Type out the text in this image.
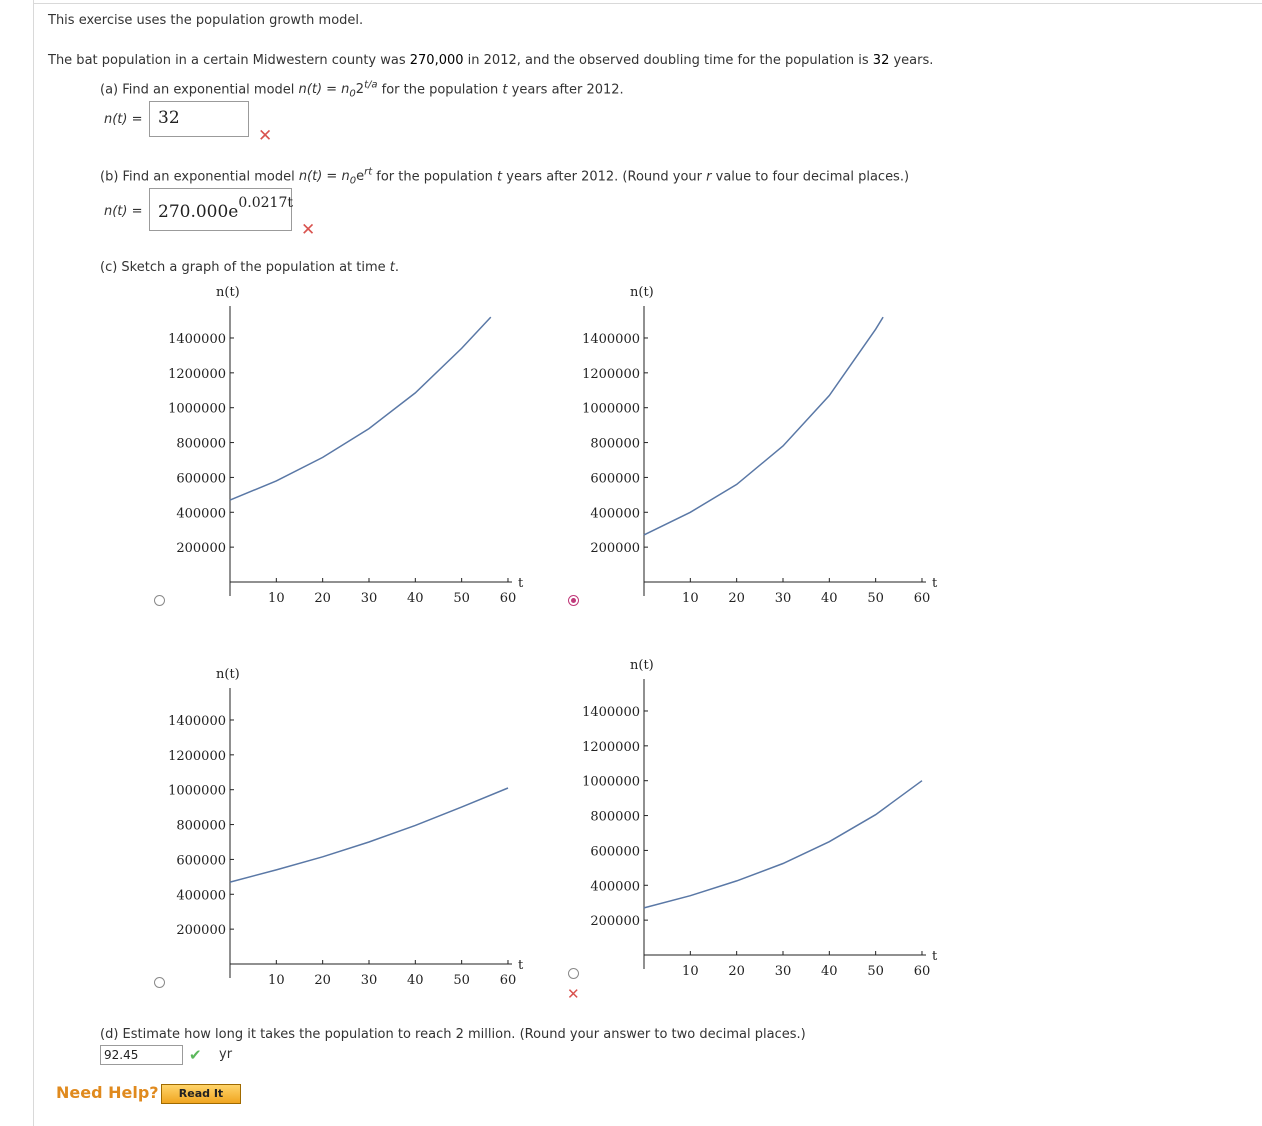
This exercise uses the population growth model.
The bat population in a certain Midwestern county was 270,000 in 2012, and the observed doubling time for the population is 32 years.
(a) Find an exponential model $n(t) = n_02^{t/a}$ for the population t years after 2012.
n(t) = 32
✕
(b) Find an exponential model $n(t) = n_0e^{rt}$ for the population t years after 2012. (Round your r value to four decimal places.)
$n(t) = 270.000e^{0.0217t}$
✕
(c) Sketch a graph of the population at time t.
n(t)
t
1400000
1200000
1000000
800000
600000
400000
200000
10 20 30 40 50 60
n(t)
t
1400000
1200000
1000000
800000
600000
400000
200000
10 20 30 40 50 60
n(t)
t
1400000
1200000
1000000
800000
600000
400000
200000
10 20 30 40 50 60
n(t)
t
1400000
1200000
1000000
800000
600000
400000
200000
10 20 30 40 50 60
✕
(d) Estimate how long it takes the population to reach 2 million. (Round your answer to two decimal places.)
92.45	✔ yr
Need Help?	Read It
